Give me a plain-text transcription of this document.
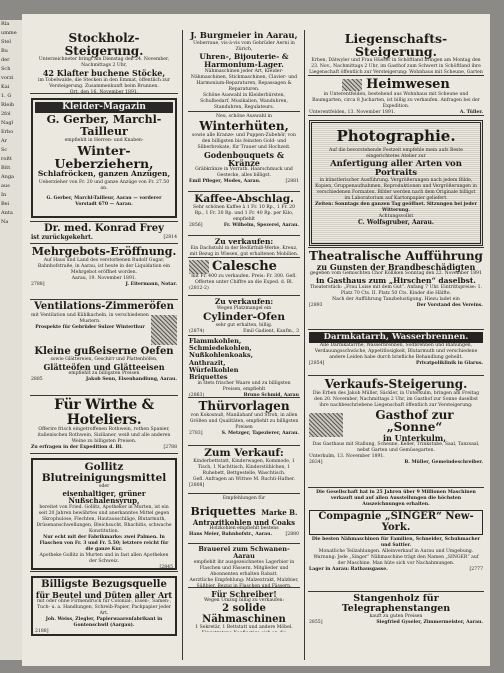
Rla
umme
Stel
Bu
der
Sch
vorzi
Kai
1. G
Rleib
2fol
Nagl
Erbo
Ar
Sc
roßt
Bitt
Anga
aus
In
Bei
Anta
Na
Stockholz-Steigerung.
Unterzeichneter bringt am Dienstag den 24. November, Nachmittags 2 Uhr,
42 Klafter buchene Stöcke,
im Tobelwalde, die Stecken in den Emmat, öffentlich zur Versteigerung. Zusammenkunft beim Brunnen.
Ort, den 16. November 1891.
Kleider-Magazin
G. Gerber, Marchl-Tailleur
empfiehlt in Herren- und Knaben-
Winter-Ueberziehern,
Schlafröcken, ganzen Anzügen,
Ueberzieher von Fr. 20 und ganze Anzüge von Fr. 27.50 an.
G. Gerber, Marchl-Tailleur, Aarau — vorderer Vorstadt 670 — Aarau.
Dr. med. Konrad Frey
ist zurückgekehrt.	[2814
Mehrgebots-Eröffnung.
Auf Haus und Land des verstorbenen Rudolf Gugar, Bahnhofstraße, in Aarau, ist heute in der Liquidation ein Mehrgebot eröffnet worden.
Aarau, 19. November 1891.
2788]	J. Eitermann, Notar.
Ventilations-Zimmeröfen
mit Ventilation und Kühlkacheln, in verschiedenen Mustern.
Prospekte für Gebrüder Sulzer Winterthur
Kleine gußeiserne Oefen
sowie Glättereien, Geschirr und Plattenhöfen,
Glätteöfen und Glätteeisen
empfiehlt zu billigsten Preisen
2885	Jakob Senn, Eisenhandlung, Aarau.
Für Wirthe & Hoteliers.
Offerire frisch eingetroffenen Rothwein, rothen Spanier, italienischen Rothwein, Sizilianer, weiß und alle anderen Weine zu billigsten Preisen.
Zu erfragen in der Expedition d. Bl.	[2788
Gollitz Blutreinigungsmittel
oder
eisenhaltiger, grüner Nußschalensyrup,
bereitet von Fried. Gollitz, Apotheker in Murten, ist ein seit 20 Jahren bewährtes und anerkanntes Mittel gegen Skrophulose, Flechten, Hautausschläge, Blutarmuth, Drüsenanschwellungen, Bleichsucht, Rhachitis, schwache Konstitution.
Nur echt mit der Fabrikmarke: zwei Palmen. In Flaschen von Fr. 3 und Fr. 5.50; letztere reicht für die ganze Kur.
Apotheke Gollitz in Murten und in fast allen Apotheken der Schweiz.
[2845
Billigste Bezugsquelle
für Beutel und Düten aller Art
mit oder ohne Firmendruck für Colonial-, Eisen-, Samen-, Tuch- u. a. Handlungen, Schreib-Papier, Packpapier jeder Art.
Joh. Weiss, Ziegler, Papierwaarenfabrikant in Gontenschwil (Aargau).
2188]
J. Burgmeier in Aarau,
Ueberraue, vis-à-vis vom Gebrüder Aerni in Zürich,
Uhren-, Bijouterie- & Harmonium-Lager.
Nähmaschinen jeder Art, Kleider-Nähmaschinen, Stickmaschinen, Clavier- und Harmonium-Reparaturen, Repassagen & Reparaturen.
Schöne Auswahl in Kleiderbürsten, Schulbedarf, Musikalien, Wanduhren, Standuhren, Regulateurs.
Neu, schöne Auswahl in
Winterhüten,
sowie alle Kranze- und Puppen-Zubehör, von den billigsten bis feinsten Gold- und Silberbrokate, für Trauer und Hochzeit.
Godenbouquets & Kränze
Gräbkränze in Vorrath. Haarschmuck und Gestecke, alles billigst.
Emil Pfleger, Modes, Aarau.	[2881
Kaffee-Abschlag.
Sehr schönen Kaffee à 1 Fr. 10 Rp., 1 Fr. 20 Rp., 1 Fr. 30 Rp. und 1 Fr. 40 Rp. per Kilo, empfiehlt
2856]	Fr. Wilhelm, Spezerei, Aarau.
Zu verkaufen:
Ein Dachstuhl in der Bedürfniß-Werke, Kreuz, mit Bezug in Wiesen, gut erhaltenen Mobilien.
Calesche
mit Fr. 400 zu verkaufen. Preis: Fr. 300. Gefl. Offerten unter Chiffre an die Exped. d. Bl.
(2812-2)
Zu verkaufen:
Wegen Platzmangel ein
Cylinder-Ofen
sehr gut erhalten, billig.
(2874)	Emil Gadient, Kaufm., 3
Flammkohlen,
Schmiedekohlen,
Nußkohlenkoaks,
Anthrazit,
Würfelkohlen
Briquettes
in stets frischer Waare und zu billigsten Preisen, empfiehlt
(2863)	Bruno Schmid, Aarau
Thürvorlagen
von Kokosnuß, Manilahanf und Stroh, in allen Größen und Qualitäten, empfiehlt zu billigsten Preisen
2783]	S. Metzger, Tapezierer, Aarau.
Zum Verkauf:
Kinderbettstatt, Kinderwagen, Kommode, 1 Tisch, 1 Nachttisch, Kinderstühlchen, 1 Ruhebett, Bettgestelle, Waschtisch.
Gefl. Anfragen an Wittwe M. Ruchti-Hafner.
[2808]
Empfehlungen für
Briquettes Marke B.
Antrazitkohlen und Coaks
Holzkohlen empfiehlt bestens
Hans Meier, Bahnhofstr., Aarau.	[2880
Brauerei zum Schwanen-Aarau
empfiehlt ihr ausgezeichnetes Lagerbier in Flaschen und Fässern. Mitglieder und Abonnenten erhalten Rabatt.
Aerztliche Empfehlung: Malzextrakt, Malzbier, Süßbier. Bezug in Flaschen und Fässern.
Für Schreiber!
Wegen Umzug billig zu verkaufen:
2 solide Nähmaschinen
1 Sekretär, 1 Bettstatt und andere Möbel.
Liegenschafts-Steigerung.
Erben, Dätwyler und Frau Hüsser in Schöftland bringen am Montag den 23. Nov., Nachmittags 2 Uhr, im Gasthof zum Schwert in Schöftland ihre Liegenschaft öffentlich zur Versteigerung: Wohnhaus mit Scheune, Garten
Heimwesen
in Unterentfelden, bestehend aus Wohnhaus mit Scheune und Baumgarten, circa 8 Jucharten, ist billig zu verkaufen. Anfragen bei der Expedition.
Unterentfelden, 13. November 1891.	A. Tüller.
Photographie.
Auf die bevorstehende Festzeit empfehle mein aufs Beste eingerichtetes Atelier zur
Anfertigung aller Arten von Portraits
in künstlerischer Ausführung. Vergrößerungen nach jedem Bilde, Kopien, Gruppenaufnahmen, Reproduktionen und Vergrößerungen in verschiedenen Formaten. Bilder werden nach dem Originale billigst im Laboratorium auf Kartonpapier geliefert.
Zeiten: Sonntags den ganzen Tag geöffnet. Sitzungen bei jeder Witterung.
Achtungsvollst
C. Wolfsgruber, Aarau.
Theatralische Aufführung
zu Gunsten der Brandbeschädigten
gegeben vom Gemischten Chor Kölliken Sonntag den 22. November 1891
in Gasthaus zum „Hirschen“ daselbst.
Theaterstück: „Frau Luise mit dem Gut“. Anfang 7 Uhr. Eintrittspreise: 1. Platz 70 Cts. II. Platz 50 Cts. Kinder die Hälfte.
Nach der Aufführung Tanzbelustigung. Hiezu ladet ein
[2893	Der Vorstand des Vereins.
Darmkatarrh, Wasserbrennen.
Alle Darmkatarrhe, Wasserbrennen, Sodbrennen und Blähungen, Verdauungsschwäche, Appetitlosigkeit, Blutarmuth und verschiedene andere Leiden habe durch briefliche Behandlung geheilt.
[2854]	Privatpoliklinik in Glarus.
Verkaufs-Steigerung.
Die Erben des Jakob Müller, Säckler, in Unterkulm, bringen am Freitag den 20. November, Nachmittags 2 Uhr, im Gasthof zur Sonne daselbst ihre nachbeschriebene Liegenschaft öffentlich zur Versteigerung:
Gasthof zur „Sonne“
in Unterkulm,
Das Gasthaus mit Stallung, Scheune, Keller, Trinkstube, Saal, Tanzsaal, nebst Garten und Gemüsegarten.
Unterkulm, 13. November 1891.
2834]	B. Müller, Gemeindeschreiber.
Die Gesellschaft hat in 25 Jahren über 9 Millionen Maschinen verkauft und auf allen Ausstellungen die höchsten Auszeichnungen erhalten.
Compagnie „SINGER“ New-York.
Die besten Nähmaschinen für Familien, Schneider, Schuhmacher und Sattler.
Monatliche Teilzahlungen. Alleinverkauf in Aarau und Umgebung.
Warnung: Jede „Singer“ Nähmaschine trägt den Namen „SINGER“ auf der Maschine. Man hüte sich vor Nachahmungen.
Lager in Aarau: Rathausgasse.	[2777
Stangenholz für Telegraphenstangen
kauft zu guten Preisen
2855]	Siegfried Gyseler, Zimmermeister, Aarau.
